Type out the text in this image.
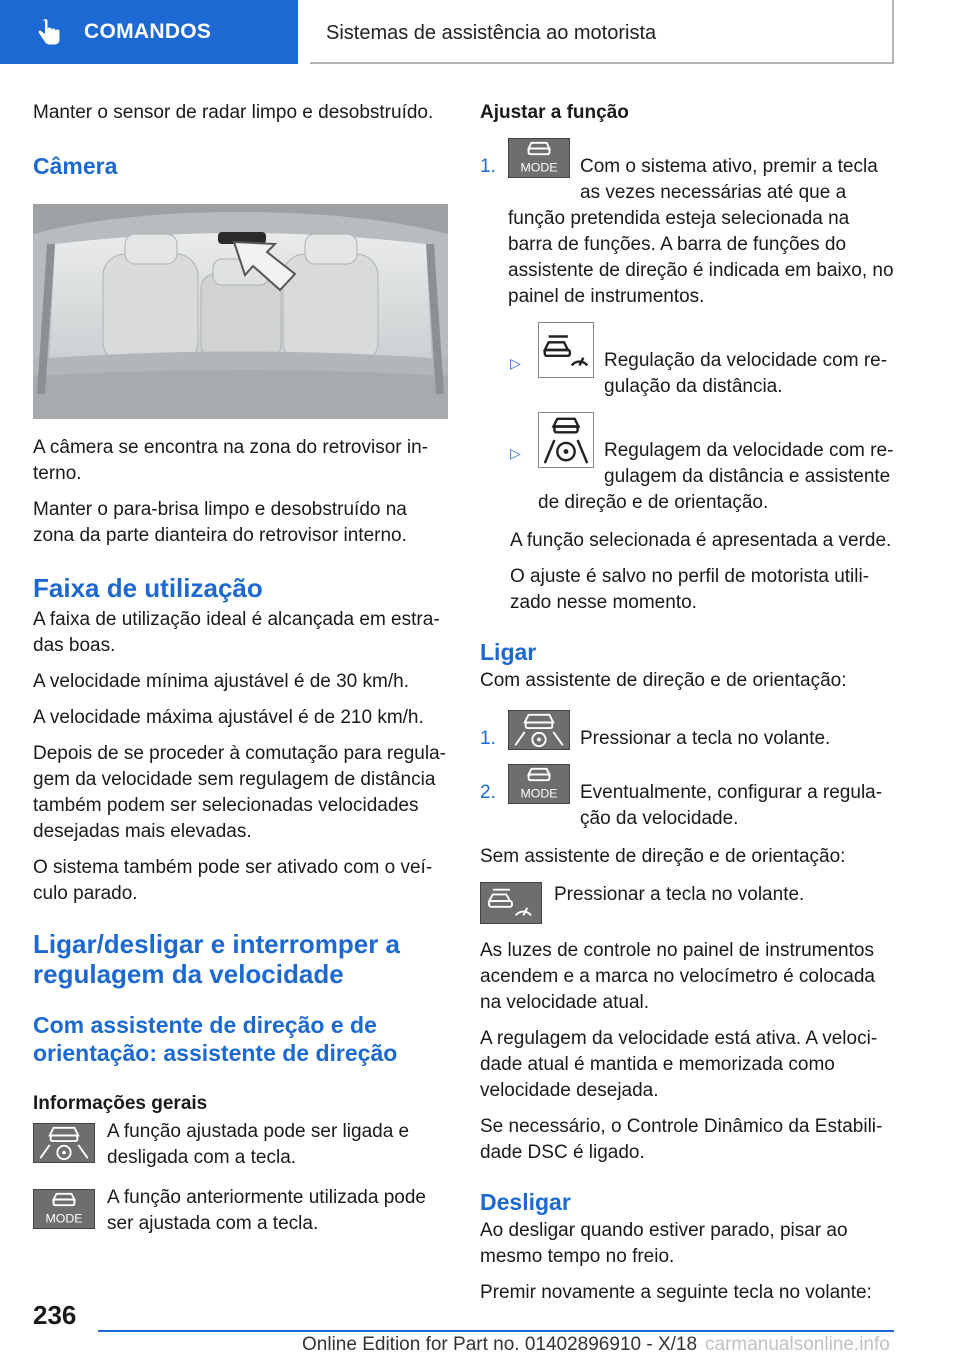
COMANDOS	Sistemas de assistência ao motorista

Manter o sensor de radar limpo e desobstruído.

Câmera

A câmera se encontra na zona do retrovisor interno.

Manter o para-brisa limpo e desobstruído na zona da parte dianteira do retrovisor interno.

Faixa de utilização

A faixa de utilização ideal é alcançada em estradas boas.

A velocidade mínima ajustável é de 30 km/h.

A velocidade máxima ajustável é de 210 km/h.

Depois de se proceder à comutação para regulagem da velocidade sem regulagem de distância também podem ser selecionadas velocidades desejadas mais elevadas.

O sistema também pode ser ativado com o veículo parado.

Ligar/desligar e interromper a regulagem da velocidade
Com assistente de direção e de orientação: assistente de direção
Informações gerais
A função ajustada pode ser ligada e desligada com a tecla.
MODE
A função anteriormente utilizada pode ser ajustada com a tecla.
Ajustar a função
1.	MODE	Com o sistema ativo, premir a tecla as vezes necessárias até que a função pretendida esteja selecionada na barra de funções. A barra de funções do assistente de direção é indicada em baixo, no painel de instrumentos.
▷	Regulação da velocidade com regulação da distância.
▷	Regulagem da velocidade com regulagem da distância e assistente de direção e de orientação.

A função selecionada é apresentada a verde.

O ajuste é salvo no perfil de motorista utilizado nesse momento.

Ligar

Com assistente de direção e de orientação:

1.	Pressionar a tecla no volante.
2.	MODE	Eventualmente, configurar a regulação da velocidade.

Sem assistente de direção e de orientação:

Pressionar a tecla no volante.

As luzes de controle no painel de instrumentos acendem e a marca no velocímetro é colocada na velocidade atual.

A regulagem da velocidade está ativa. A velocidade atual é mantida e memorizada como velocidade desejada.

Se necessário, o Controle Dinâmico da Estabilidade DSC é ligado.

Desligar

Ao desligar quando estiver parado, pisar ao mesmo tempo no freio.

Premir novamente a seguinte tecla no volante:

236
Online Edition for Part no. 01402896910 - X/18 carmanualsonline.info
